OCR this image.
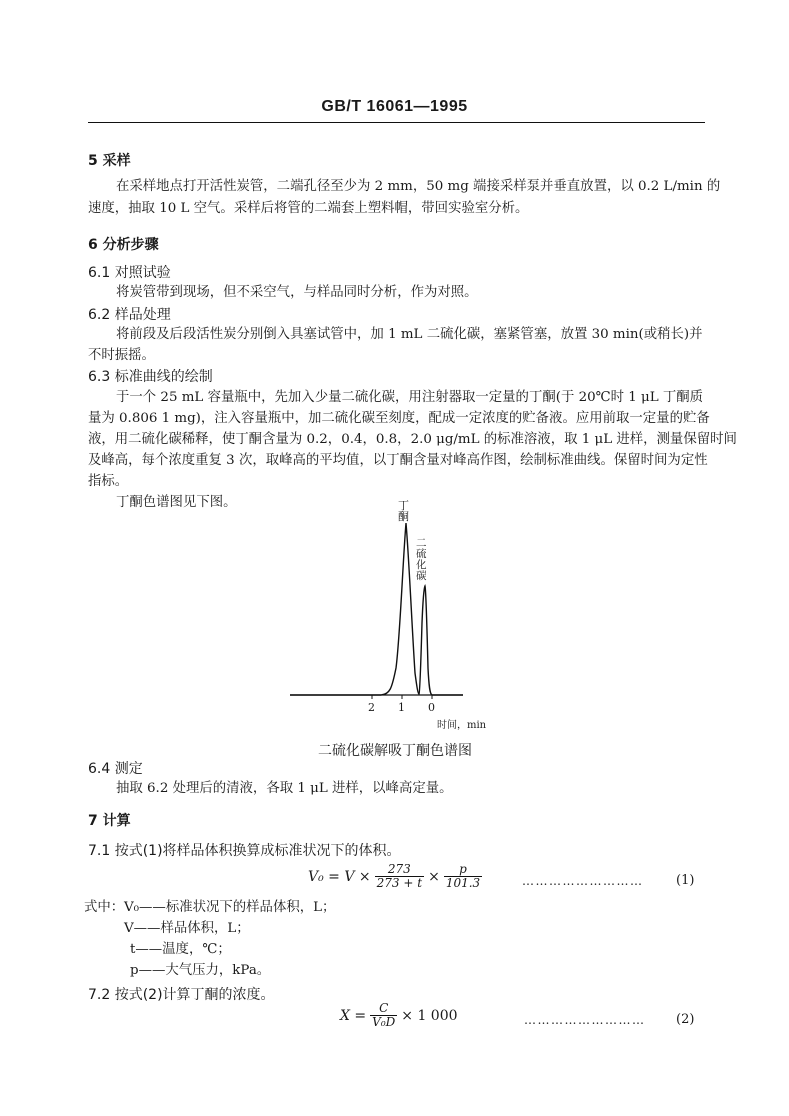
GB/T 16061—1995
5 采样
在采样地点打开活性炭管，二端孔径至少为 2 mm，50 mg 端接采样泵并垂直放置，以 0.2 L/min 的
速度，抽取 10 L 空气。采样后将管的二端套上塑料帽，带回实验室分析。
6 分析步骤
6.1 对照试验
将炭管带到现场，但不采空气，与样品同时分析，作为对照。
6.2 样品处理
将前段及后段活性炭分别倒入具塞试管中，加 1 mL 二硫化碳，塞紧管塞，放置 30 min(或稍长)并
不时振摇。
6.3 标准曲线的绘制
于一个 25 mL 容量瓶中，先加入少量二硫化碳，用注射器取一定量的丁酮(于 20℃时 1 μL 丁酮质
量为 0.806 1 mg)，注入容量瓶中，加二硫化碳至刻度，配成一定浓度的贮备液。应用前取一定量的贮备
液，用二硫化碳稀释，使丁酮含量为 0.2，0.4，0.8，2.0 μg/mL 的标准溶液，取 1 μL 进样，测量保留时间
及峰高，每个浓度重复 3 次，取峰高的平均值，以丁酮含量对峰高作图，绘制标准曲线。保留时间为定性
指标。
丁酮色谱图见下图。	丁酮
二硫化碳
2 1 0
时间，min
二硫化碳解吸丁酮色谱图
6.4 测定
抽取 6.2 处理后的清液，各取 1 μL 进样，以峰高定量。
7 计算
7.1 按式(1)将样品体积换算成标准状况下的体积。
$V_0 = V \times \frac{273}{273 + t} \times \frac{p}{101.3}$	………………………	(1)
式中： V₀——标准状况下的样品体积，L；
V——样品体积，L；
t——温度，℃；
p——大气压力，kPa。
7.2 按式(2)计算丁酮的浓度。
$X = \frac{C}{\text{V₀D}} \times 1$ 000	……………………… (2)
